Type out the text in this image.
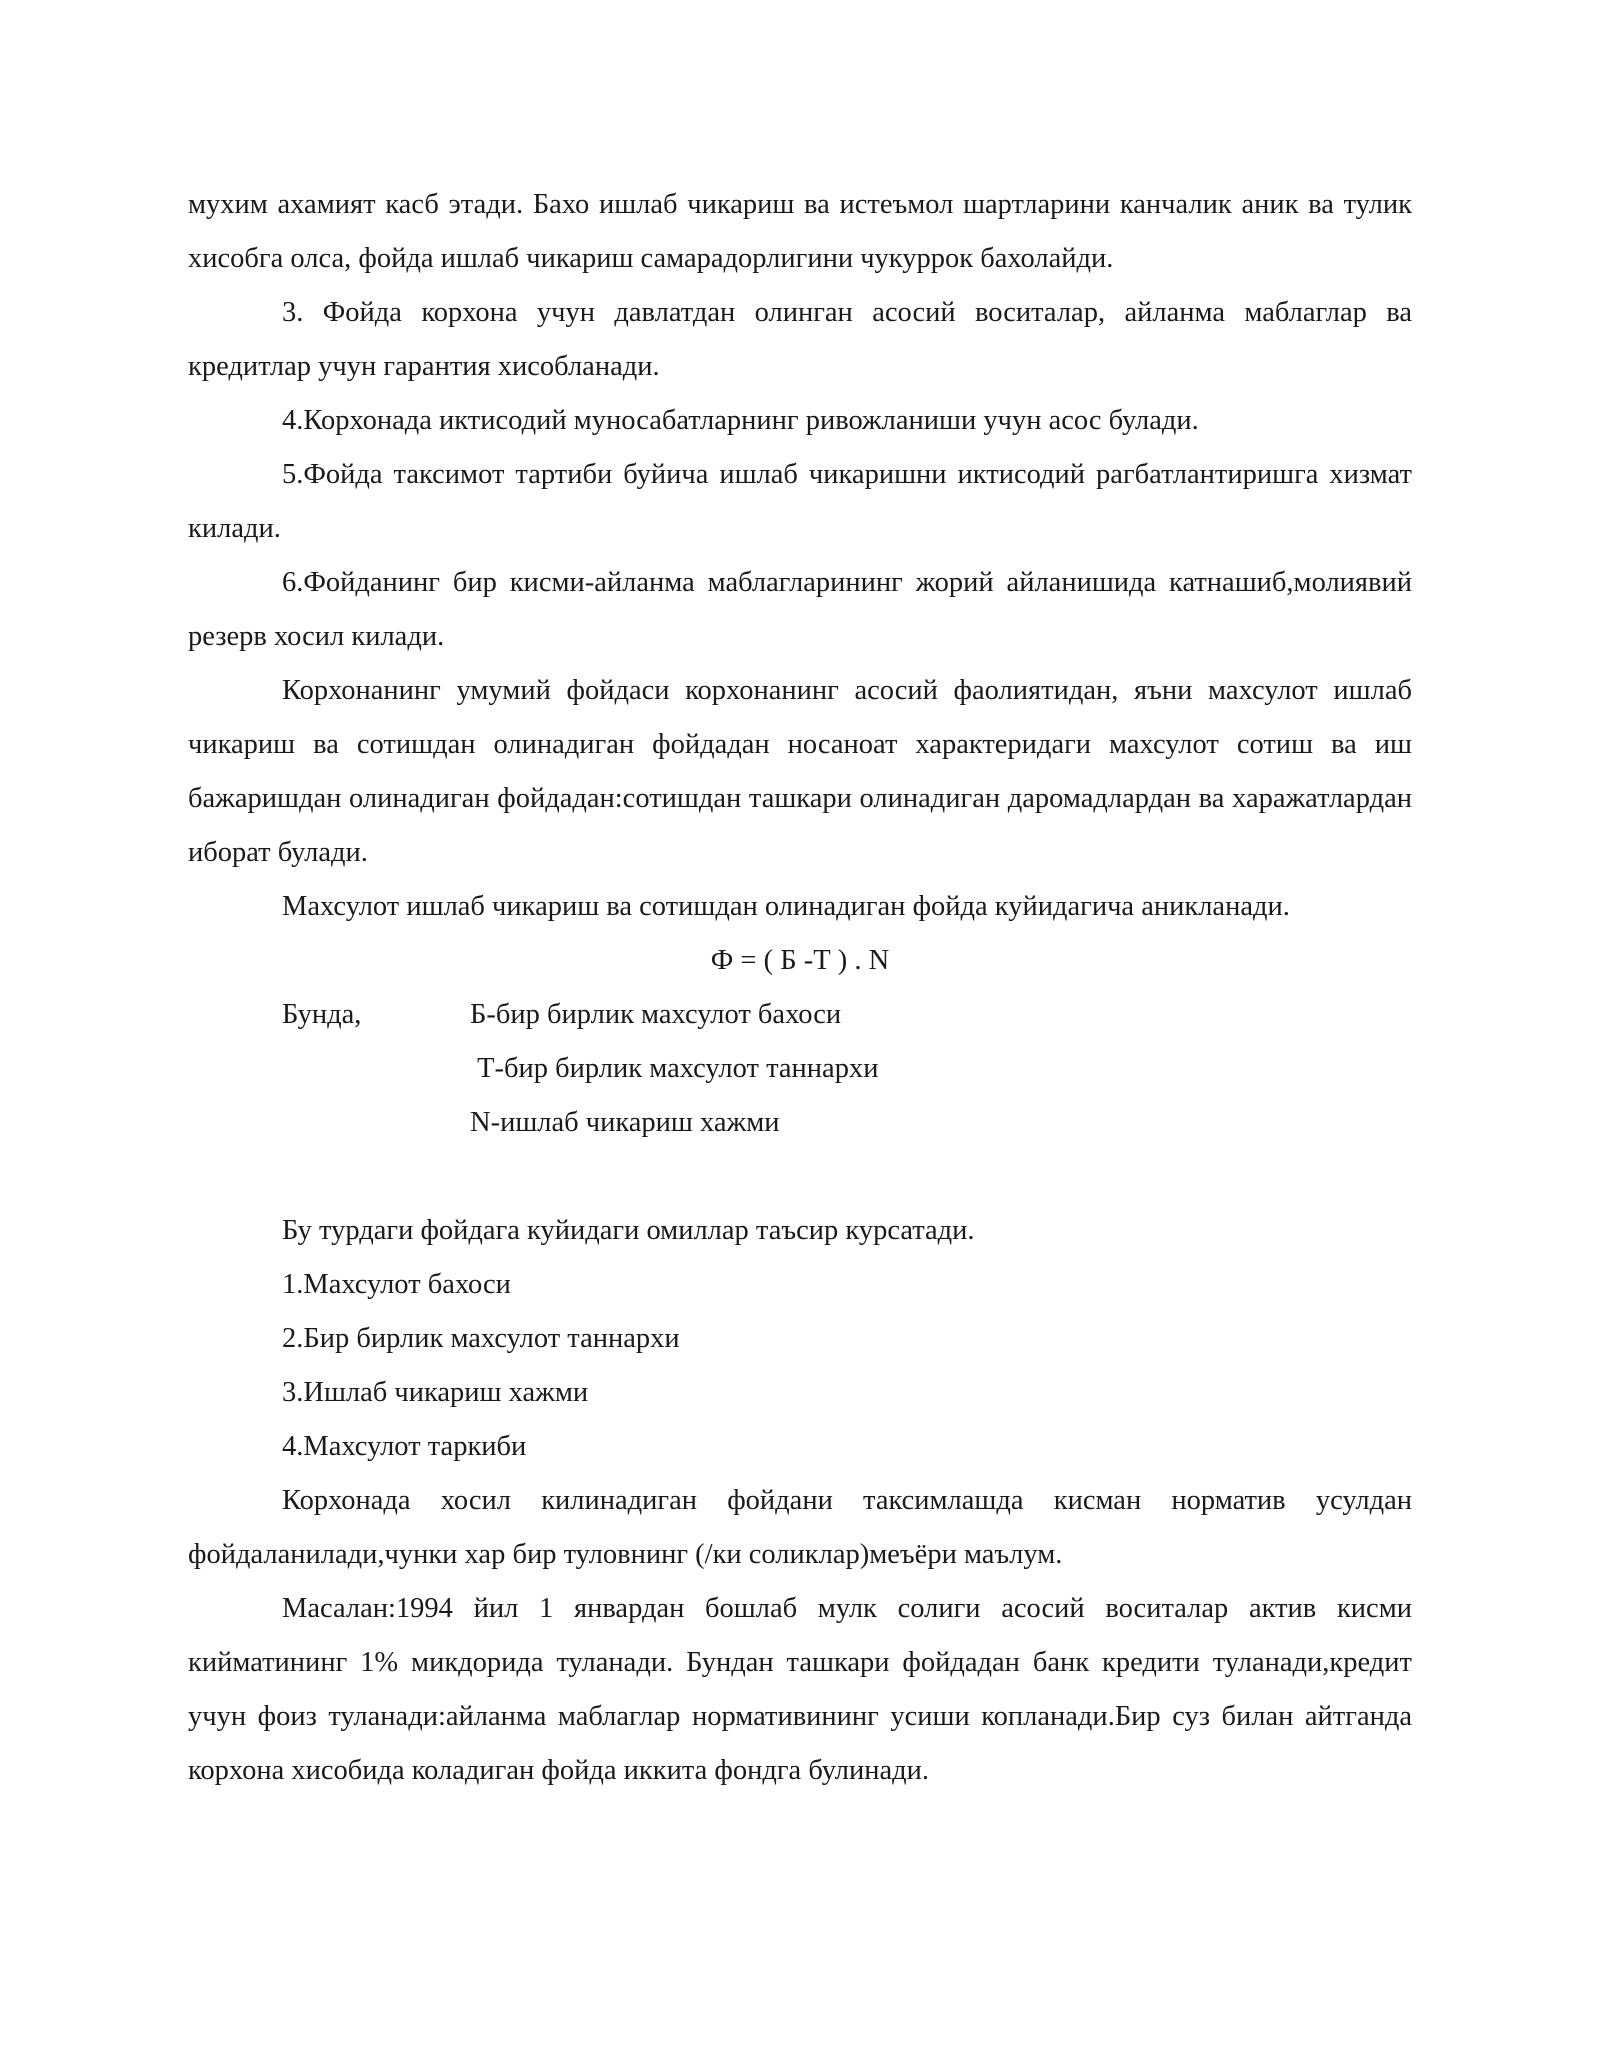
мухим ахамият касб этади. Бахо ишлаб чикариш ва истеъмол шартларини канчалик аник ва тулик хисобга олса, фойда ишлаб чикариш самарадорлигини чукуррок бахолайди.

3. Фойда корхона учун давлатдан олинган асосий воситалар, айланма маблаглар ва кредитлар учун гарантия хисобланади.

4.Корхонада иктисодий муносабатларнинг ривожланиши учун асос булади.

5.Фойда таксимот тартиби буйича ишлаб чикаришни иктисодий рагбатлантиришга хизмат килади.

6.Фойданинг бир кисми-айланма маблагларининг жорий айланишида катнашиб,молиявий резерв хосил килади.

Корхонанинг умумий фойдаси корхонанинг асосий фаолиятидан, яъни махсулот ишлаб чикариш ва сотишдан олинадиган фойдадан носаноат характеридаги махсулот сотиш ва иш бажаришдан олинадиган фойдадан:сотишдан ташкари олинадиган даромадлардан ва харажатлардан иборат булади.

Махсулот ишлаб чикариш ва сотишдан олинадиган фойда куйидагича аникланади.

Ф = ( Б -Т ) . N

Бунда,	Б-бир бирлик махсулот бахоси
Т-бир бирлик махсулот таннархи
N-ишлаб чикариш хажми

Бу турдаги фойдага куйидаги омиллар таъсир курсатади.

1.Махсулот бахоси

2.Бир бирлик махсулот таннархи

3.Ишлаб чикариш хажми

4.Махсулот таркиби

Корхонада хосил килинадиган фойдани таксимлашда кисман норматив усулдан фойдаланилади,чунки хар бир туловнинг (/ки соликлар)меъёри маълум.

Масалан:1994 йил 1 январдан бошлаб мулк солиги асосий воситалар актив кисми кийматининг 1% микдорида туланади. Бундан ташкари фойдадан банк кредити туланади,кредит учун фоиз туланади:айланма маблаглар нормативининг усиши копланади.Бир суз билан айтганда корхона хисобида коладиган фойда иккита фондга булинади.
